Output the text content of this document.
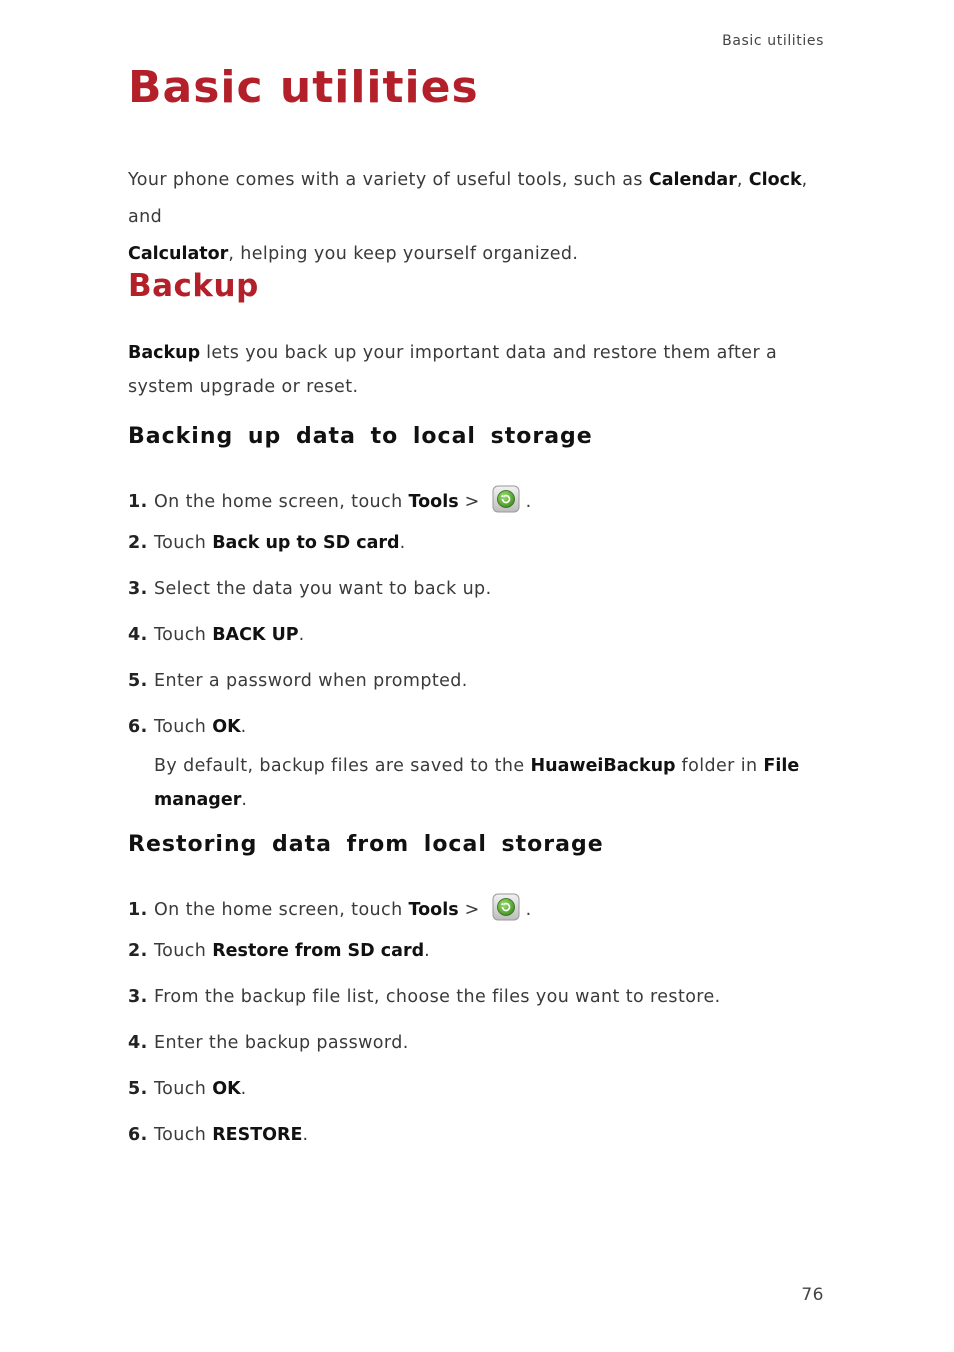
Basic utilities
Basic utilities

Your phone comes with a variety of useful tools, such as Calendar, Clock, and
Calculator, helping you keep yourself organized.

Backup

Backup lets you back up your important data and restore them after a system upgrade or reset.

Backing up data to local storage
1. On the home screen, touch Tools > .
2. Touch Back up to SD card.
3. Select the data you want to back up.
4. Touch BACK UP.
5. Enter a password when prompted.
6. Touch OK.
By default, backup files are saved to the HuaweiBackup folder in File manager.
Restoring data from local storage
1. On the home screen, touch Tools > .
2. Touch Restore from SD card.
3. From the backup file list, choose the files you want to restore.
4. Enter the backup password.
5. Touch OK.
6. Touch RESTORE.
76
